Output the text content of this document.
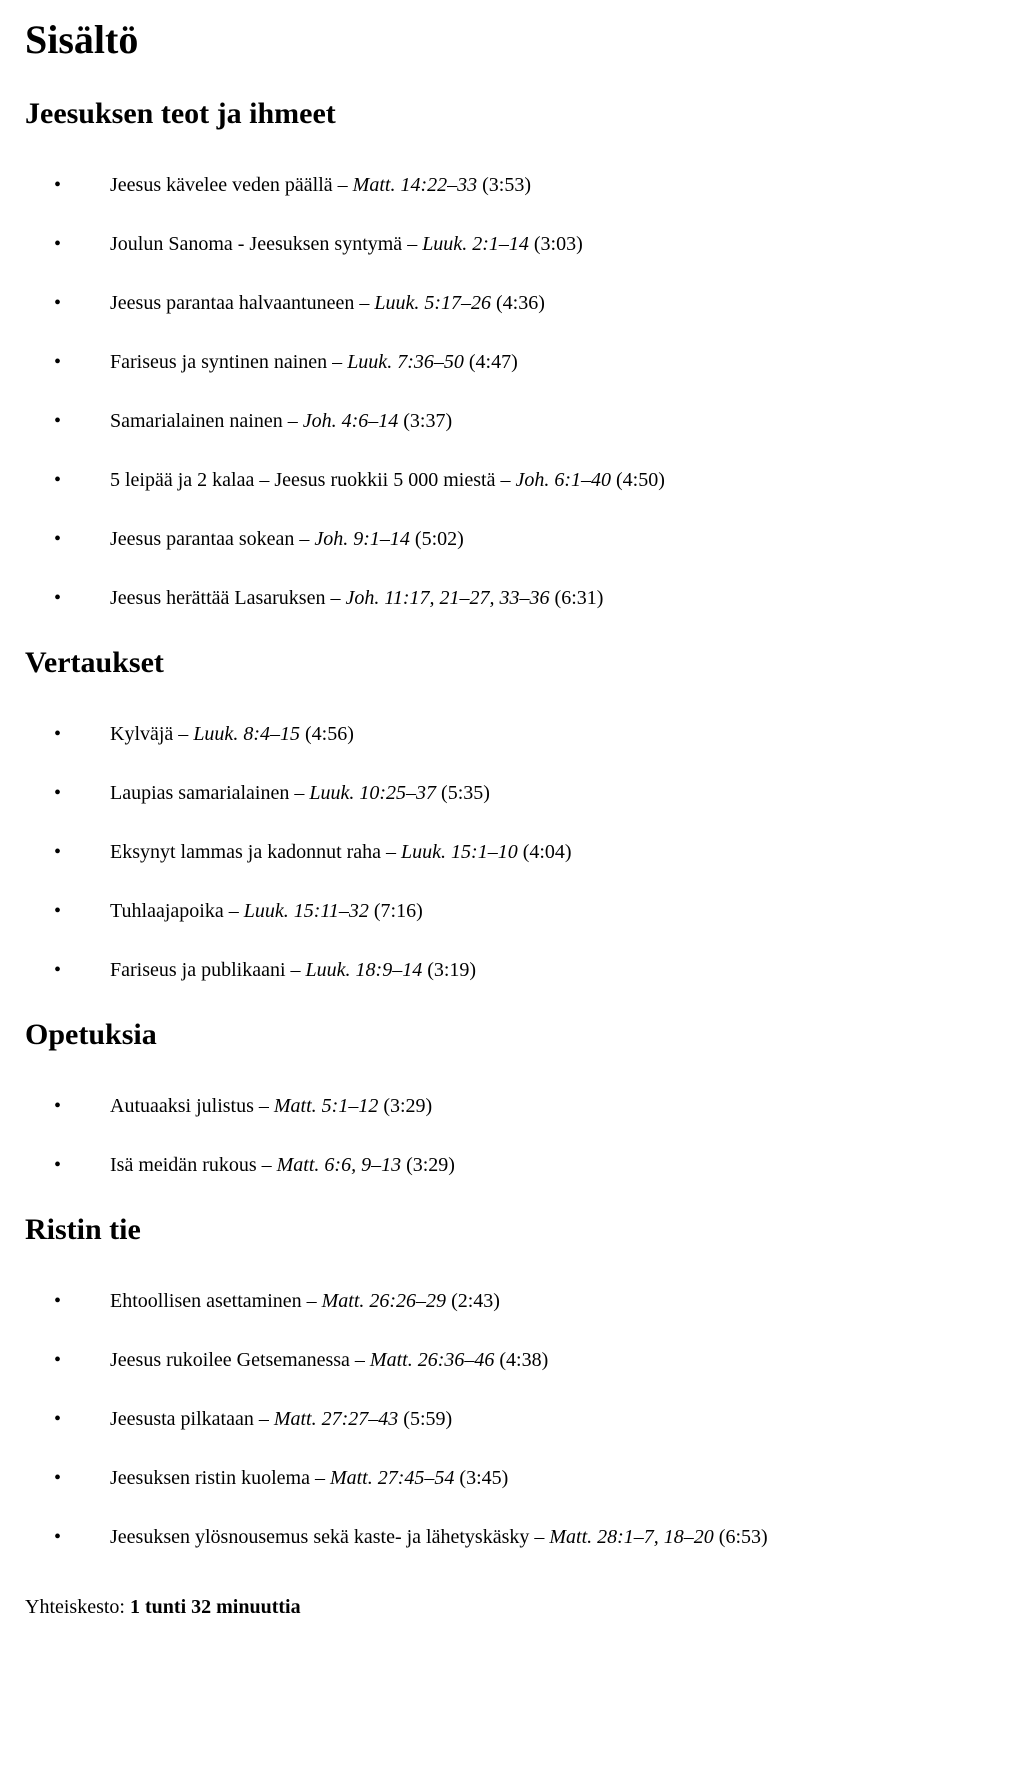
Sisältö
Jeesuksen teot ja ihmeet
• Jeesus kävelee veden päällä – Matt. 14:22–33 (3:53)
• Joulun Sanoma - Jeesuksen syntymä – Luuk. 2:1–14 (3:03)
• Jeesus parantaa halvaantuneen – Luuk. 5:17–26 (4:36)
• Fariseus ja syntinen nainen – Luuk. 7:36–50 (4:47)
• Samarialainen nainen – Joh. 4:6–14 (3:37)
• 5 leipää ja 2 kalaa – Jeesus ruokkii 5 000 miestä – Joh. 6:1–40 (4:50)
• Jeesus parantaa sokean – Joh. 9:1–14 (5:02)
• Jeesus herättää Lasaruksen – Joh. 11:17, 21–27, 33–36 (6:31)
Vertaukset
• Kylväjä – Luuk. 8:4–15 (4:56)
• Laupias samarialainen – Luuk. 10:25–37 (5:35)
• Eksynyt lammas ja kadonnut raha – Luuk. 15:1–10 (4:04)
• Tuhlaajapoika – Luuk. 15:11–32 (7:16)
• Fariseus ja publikaani – Luuk. 18:9–14 (3:19)
Opetuksia
• Autuaaksi julistus – Matt. 5:1–12 (3:29)
• Isä meidän rukous – Matt. 6:6, 9–13 (3:29)
Ristin tie
• Ehtoollisen asettaminen – Matt. 26:26–29 (2:43)
• Jeesus rukoilee Getsemanessa – Matt. 26:36–46 (4:38)
• Jeesusta pilkataan – Matt. 27:27–43 (5:59)
• Jeesuksen ristin kuolema – Matt. 27:45–54 (3:45)
• Jeesuksen ylösnousemus sekä kaste- ja lähetyskäsky – Matt. 28:1–7, 18–20 (6:53)

Yhteiskesto: 1 tunti 32 minuuttia
